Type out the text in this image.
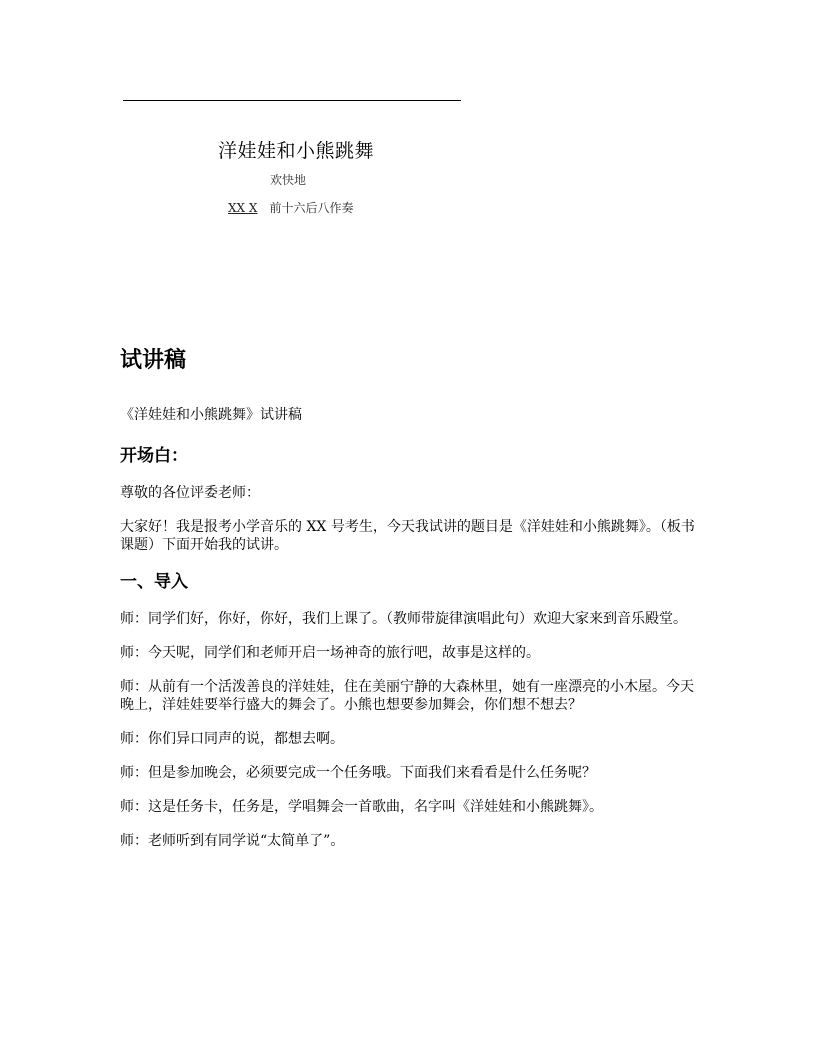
洋娃娃和小熊跳舞
欢快地
XX X 前十六后八作奏
试讲稿

《洋娃娃和小熊跳舞》试讲稿

开场白：

尊敬的各位评委老师：

大家好！我是报考小学音乐的 XX 号考生，今天我试讲的题目是《洋娃娃和小熊跳舞》。（板书课题）下面开始我的试讲。

一、导入

师：同学们好，你好，你好，我们上课了。（教师带旋律演唱此句）欢迎大家来到音乐殿堂。

师：今天呢，同学们和老师开启一场神奇的旅行吧，故事是这样的。

师：从前有一个活泼善良的洋娃娃，住在美丽宁静的大森林里，她有一座漂亮的小木屋。今天晚上，洋娃娃要举行盛大的舞会了。小熊也想要参加舞会，你们想不想去？

师：你们异口同声的说，都想去啊。

师：但是参加晚会，必须要完成一个任务哦。下面我们来看看是什么任务呢？

师：这是任务卡，任务是，学唱舞会一首歌曲，名字叫《洋娃娃和小熊跳舞》。

师：老师听到有同学说“太简单了”。
